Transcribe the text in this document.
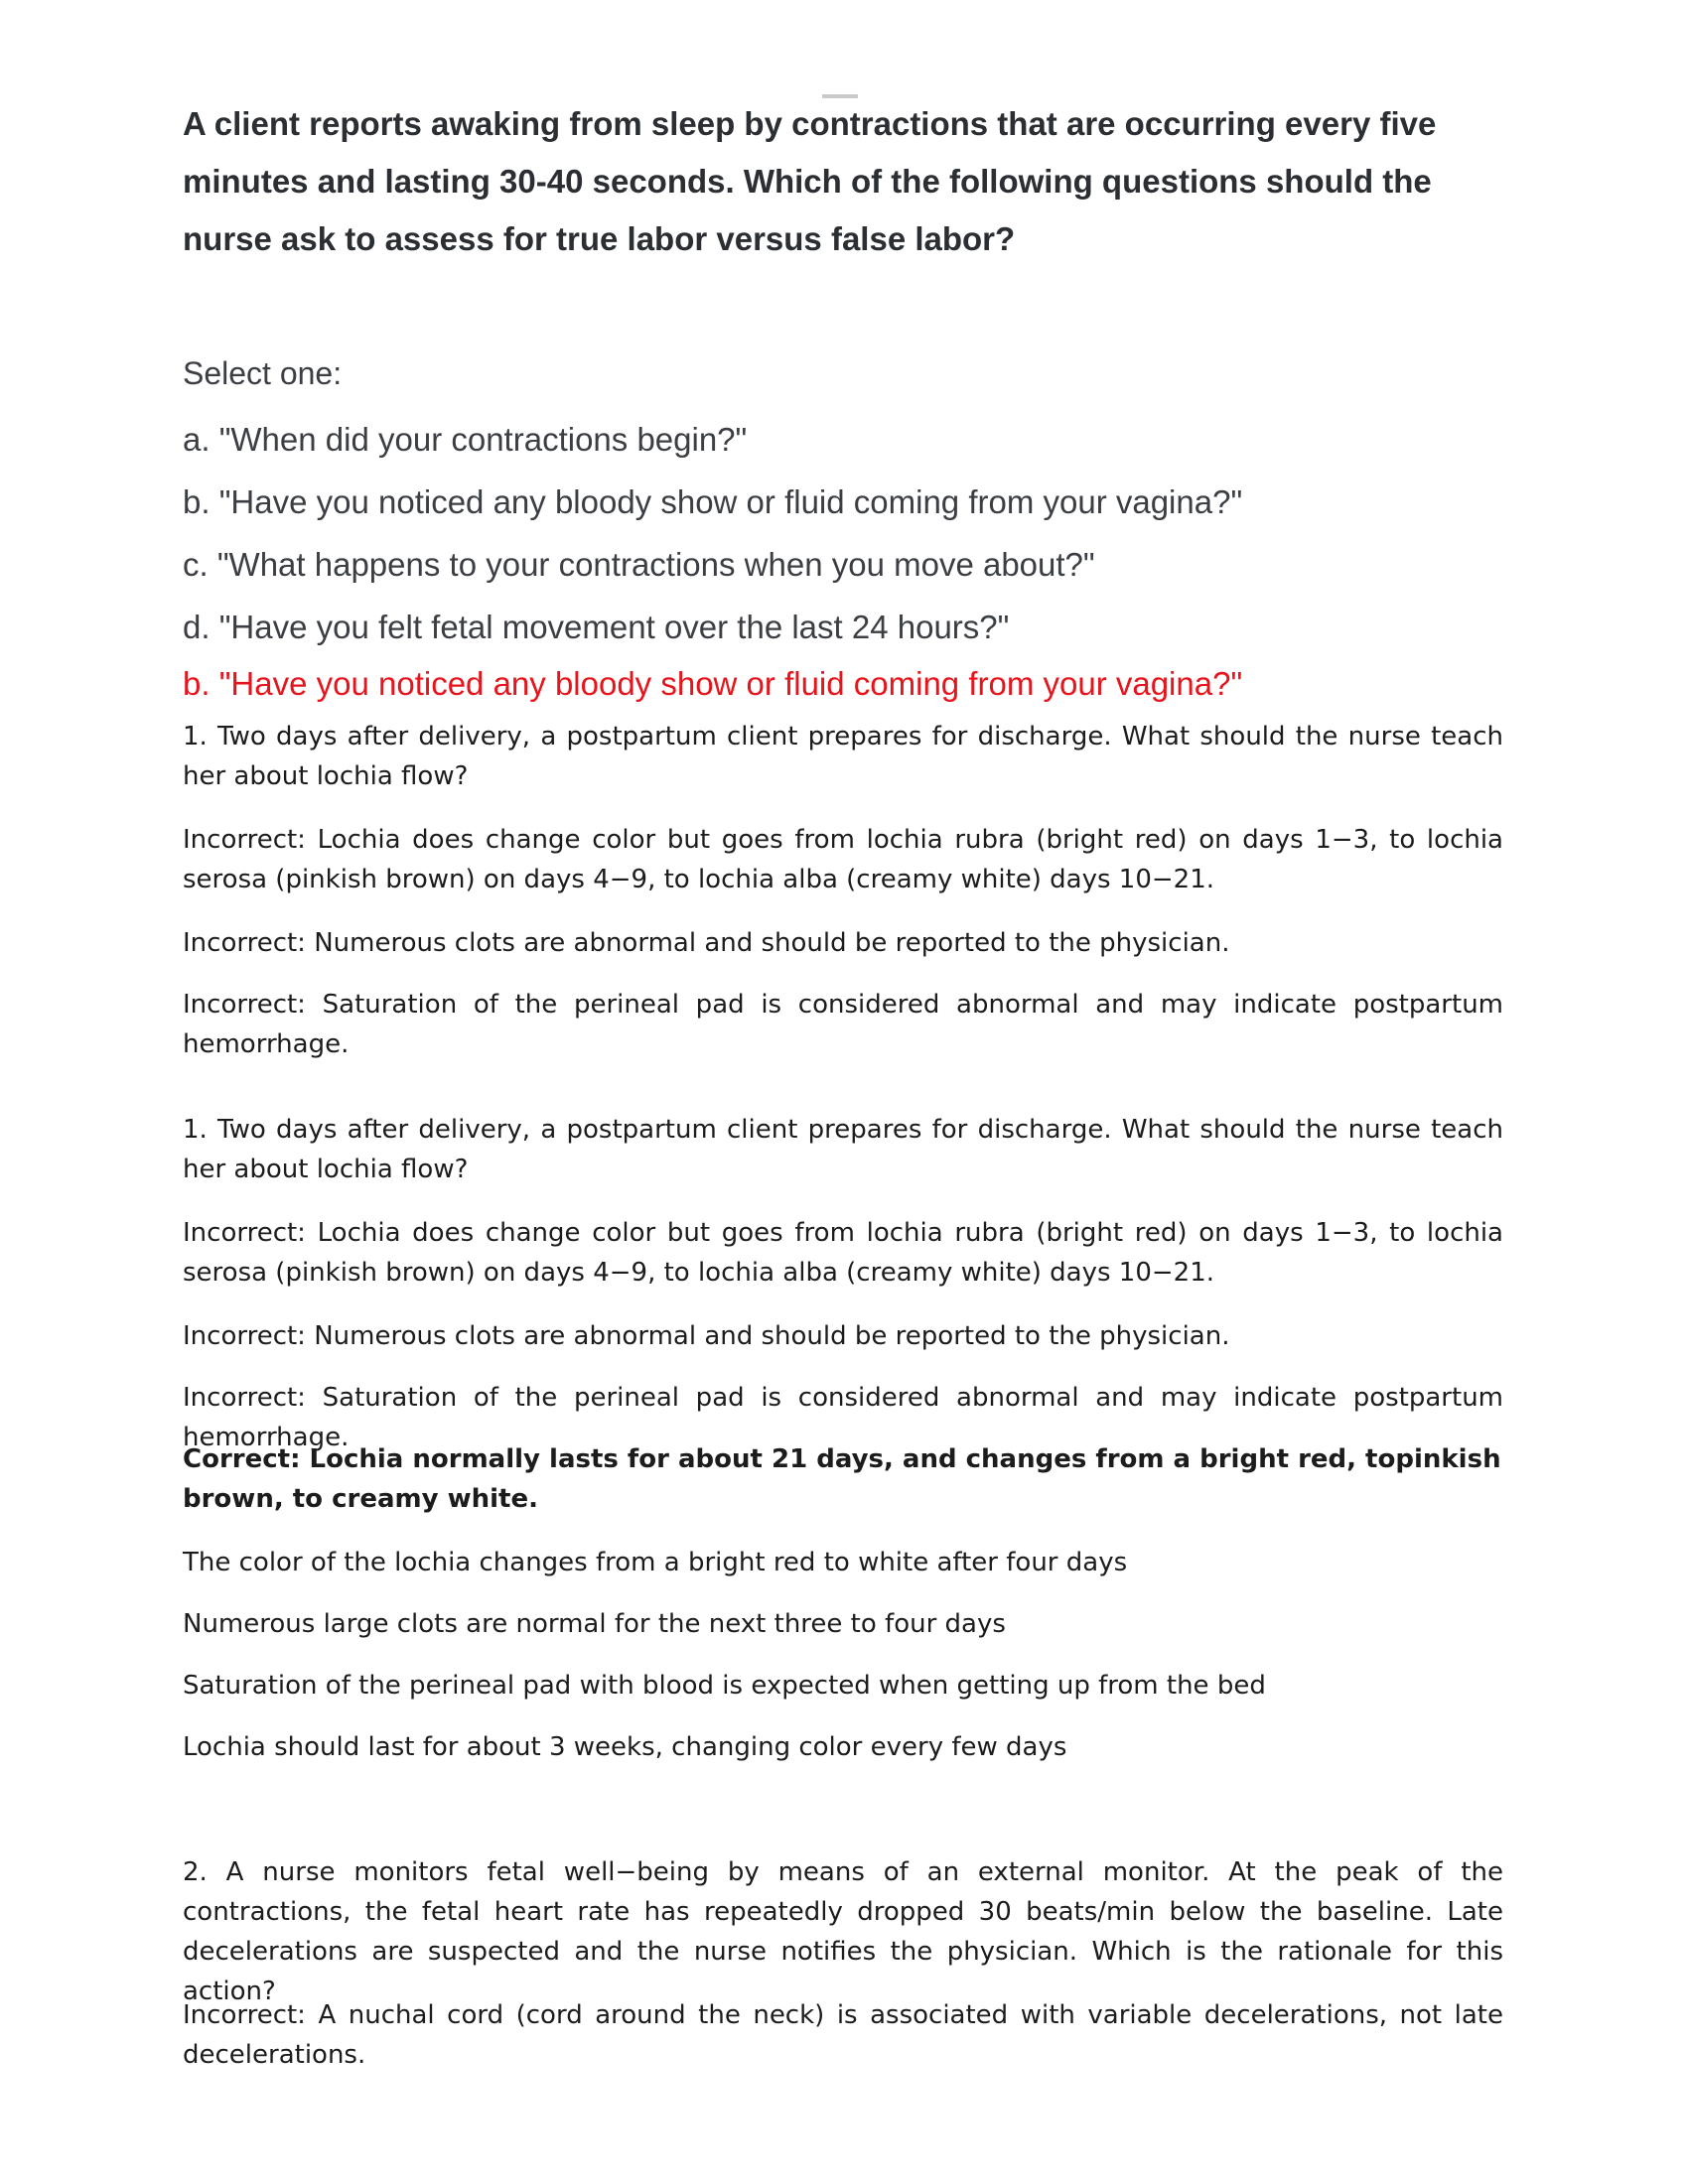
A client reports awaking from sleep by contractions that are occurring every five minutes and lasting 30-40 seconds. Which of the following questions should the nurse ask to assess for true labor versus false labor?

Select one:
a. "When did your contractions begin?"
b. "Have you noticed any bloody show or fluid coming from your vagina?"
c. "What happens to your contractions when you move about?"
d. "Have you felt fetal movement over the last 24 hours?"
b. "Have you noticed any bloody show or fluid coming from your vagina?"

1. Two days after delivery, a postpartum client prepares for discharge. What should the nurse teach her about lochia flow?

Incorrect: Lochia does change color but goes from lochia rubra (bright red) on days 1−3, to lochia serosa (pinkish brown) on days 4−9, to lochia alba (creamy white) days 10−21.

Incorrect: Numerous clots are abnormal and should be reported to the physician.

Incorrect: Saturation of the perineal pad is considered abnormal and may indicate postpartum hemorrhage.

1. Two days after delivery, a postpartum client prepares for discharge. What should the nurse teach her about lochia flow?

Incorrect: Lochia does change color but goes from lochia rubra (bright red) on days 1−3, to lochia serosa (pinkish brown) on days 4−9, to lochia alba (creamy white) days 10−21.

Incorrect: Numerous clots are abnormal and should be reported to the physician.

Incorrect: Saturation of the perineal pad is considered abnormal and may indicate postpartum hemorrhage.

Correct: Lochia normally lasts for about 21 days, and changes from a bright red, topinkish brown, to creamy white.

The color of the lochia changes from a bright red to white after four days

Numerous large clots are normal for the next three to four days

Saturation of the perineal pad with blood is expected when getting up from the bed

Lochia should last for about 3 weeks, changing color every few days

2. A nurse monitors fetal well−being by means of an external monitor. At the peak of the contractions, the fetal heart rate has repeatedly dropped 30 beats/min below the baseline. Late decelerations are suspected and the nurse notifies the physician. Which is the rationale for this action?

Incorrect: A nuchal cord (cord around the neck) is associated with variable decelerations, not late decelerations.
